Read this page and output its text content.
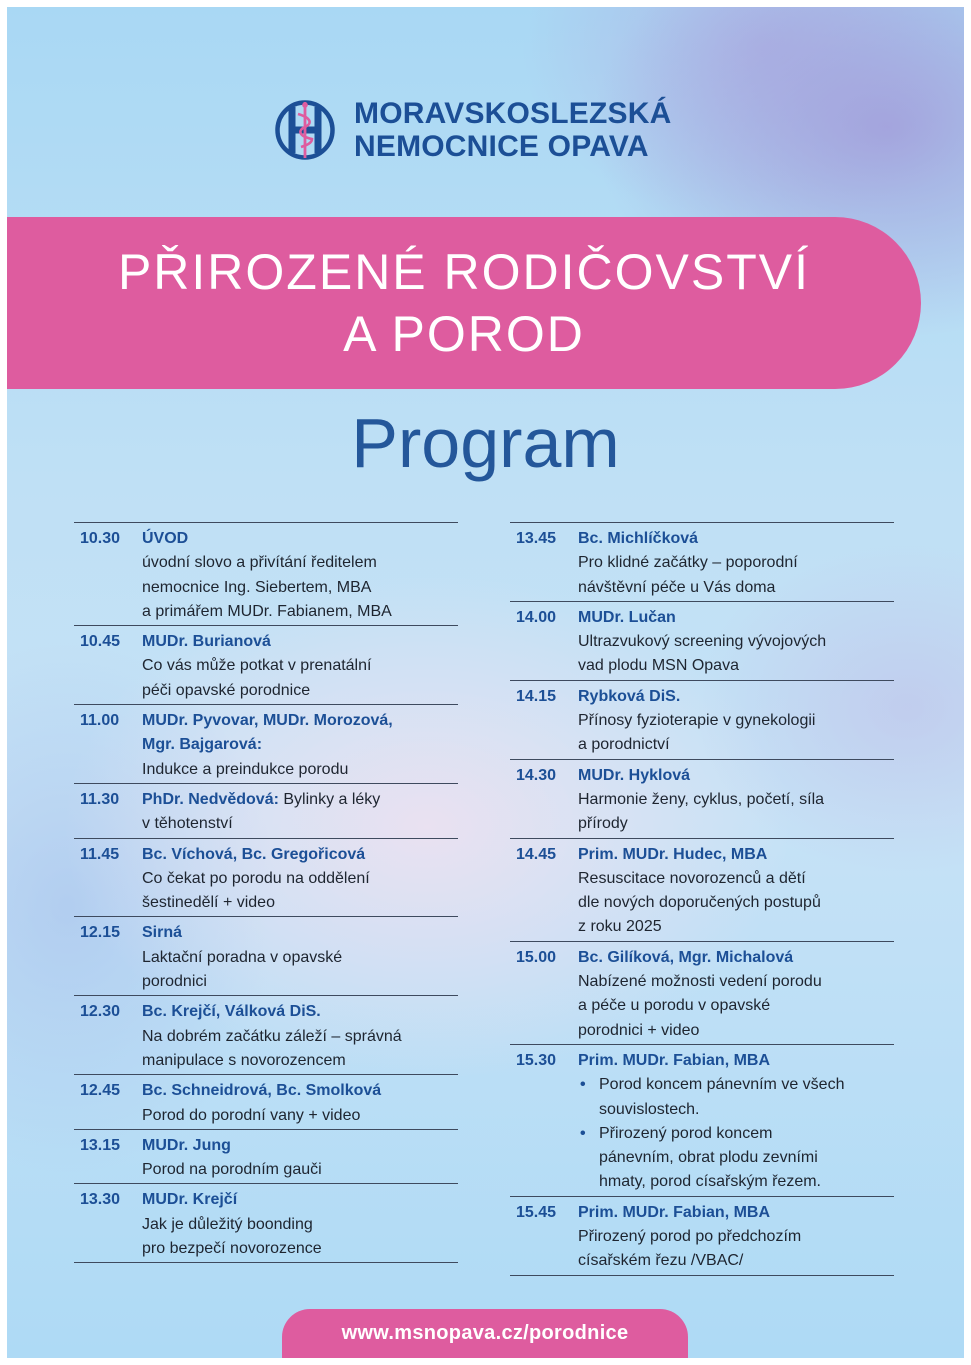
MORAVSKOSLEZSKÁ
NEMOCNICE OPAVA
PŘIROZENÉ RODIČOVSTVÍ
A POROD
Program
10.30	ÚVOD
úvodní slovo a přivítání ředitelem
nemocnice Ing. Siebertem, MBA
a primářem MUDr. Fabianem, MBA
10.45	MUDr. Burianová
Co vás může potkat v prenatální
péči opavské porodnice
11.00	MUDr. Pyvovar, MUDr. Morozová,
Mgr. Bajgarová:
Indukce a preindukce porodu
11.30	PhDr. Nedvědová: Bylinky a léky
v těhotenství
11.45	Bc. Víchová, Bc. Gregořicová
Co čekat po porodu na oddělení
šestinedělí + video
12.15	Sirná
Laktační poradna v opavské
porodnici
12.30	Bc. Krejčí, Válková DiS.
Na dobrém začátku záleží – správná
manipulace s novorozencem
12.45	Bc. Schneidrová, Bc. Smolková
Porod do porodní vany + video
13.15	MUDr. Jung
Porod na porodním gauči
13.30	MUDr. Krejčí
Jak je důležitý boonding
pro bezpečí novorozence
13.45	Bc. Michlíčková
Pro klidné začátky – poporodní
návštěvní péče u Vás doma
14.00	MUDr. Lučan
Ultrazvukový screening vývojových
vad plodu MSN Opava
14.15	Rybková DiS.
Přínosy fyzioterapie v gynekologii
a porodnictví
14.30	MUDr. Hyklová
Harmonie ženy, cyklus, početí, síla
přírody
14.45	Prim. MUDr. Hudec, MBA
Resuscitace novorozenců a dětí
dle nových doporučených postupů
z roku 2025
15.00	Bc. Gilíková, Mgr. Michalová
Nabízené možnosti vedení porodu
a péče u porodu v opavské
porodnici + video
15.30	Prim. MUDr. Fabian, MBA
• Porod koncem pánevním ve všech
souvislostech.
• Přirozený porod koncem
pánevním, obrat plodu zevními
hmaty, porod císařským řezem.
15.45	Prim. MUDr. Fabian, MBA
Přirozený porod po předchozím
císařském řezu /VBAC/
www.msnopava.cz/porodnice
